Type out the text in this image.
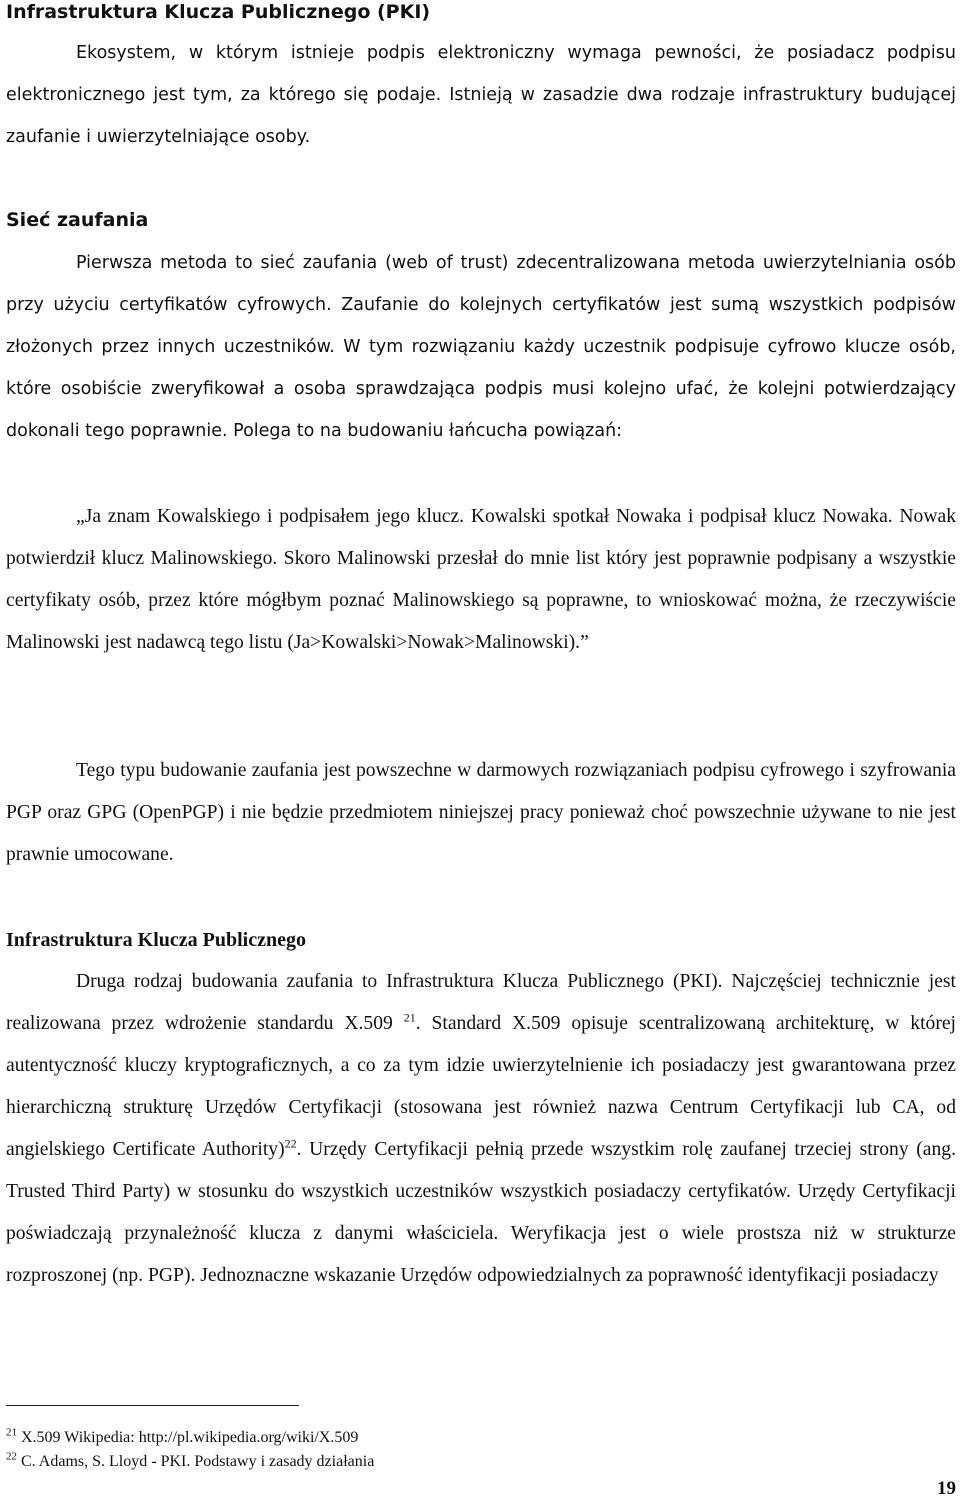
Infrastruktura Klucza Publicznego (PKI)

Ekosystem, w którym istnieje podpis elektroniczny wymaga pewności, że posiadacz podpisu elektronicznego jest tym, za którego się podaje. Istnieją w zasadzie dwa rodzaje infrastruktury budującej zaufanie i uwierzytelniające osoby.

Sieć zaufania

Pierwsza metoda to sieć zaufania (web of trust) zdecentralizowana metoda uwierzytelniania osób przy użyciu certyfikatów cyfrowych. Zaufanie do kolejnych certyfikatów jest sumą wszystkich podpisów złożonych przez innych uczestników. W tym rozwiązaniu każdy uczestnik podpisuje cyfrowo klucze osób, które osobiście zweryfikował a osoba sprawdzająca podpis musi kolejno ufać, że kolejni potwierdzający dokonali tego poprawnie. Polega to na budowaniu łańcucha powiązań:

„Ja znam Kowalskiego i podpisałem jego klucz. Kowalski spotkał Nowaka i podpisał klucz Nowaka. Nowak potwierdził klucz Malinowskiego. Skoro Malinowski przesłał do mnie list który jest poprawnie podpisany a wszystkie certyfikaty osób, przez które mógłbym poznać Malinowskiego są poprawne, to wnioskować można, że rzeczywiście Malinowski jest nadawcą tego listu (Ja>Kowalski>Nowak>Malinowski).”

Tego typu budowanie zaufania jest powszechne w darmowych rozwiązaniach podpisu cyfrowego i szyfrowania PGP oraz GPG (OpenPGP) i nie będzie przedmiotem niniejszej pracy ponieważ choć powszechnie używane to nie jest prawnie umocowane.

Infrastruktura Klucza Publicznego

Druga rodzaj budowania zaufania to Infrastruktura Klucza Publicznego (PKI). Najczęściej technicznie jest realizowana przez wdrożenie standardu X.509 $^{21}$. Standard X.509 opisuje scentralizowaną architekturę, w której autentyczność kluczy kryptograficznych, a co za tym idzie uwierzytelnienie ich posiadaczy jest gwarantowana przez hierarchiczną strukturę Urzędów Certyfikacji (stosowana jest również nazwa Centrum Certyfikacji lub CA, od angielskiego Certificate Authority)$^{22}$. Urzędy Certyfikacji pełnią przede wszystkim rolę zaufanej trzeciej strony (ang. Trusted Third Party) w stosunku do wszystkich uczestników wszystkich posiadaczy certyfikatów. Urzędy Certyfikacji poświadczają przynależność klucza z danymi właściciela. Weryfikacja jest o wiele prostsza niż w strukturze rozproszonej (np. PGP). Jednoznaczne wskazanie Urzędów odpowiedzialnych za poprawność identyfikacji posiadaczy

$^{21}$ X.509 Wikipedia: http://pl.wikipedia.org/wiki/X.509
$^{22}$ C. Adams, S. Lloyd - PKI. Podstawy i zasady działania
19
